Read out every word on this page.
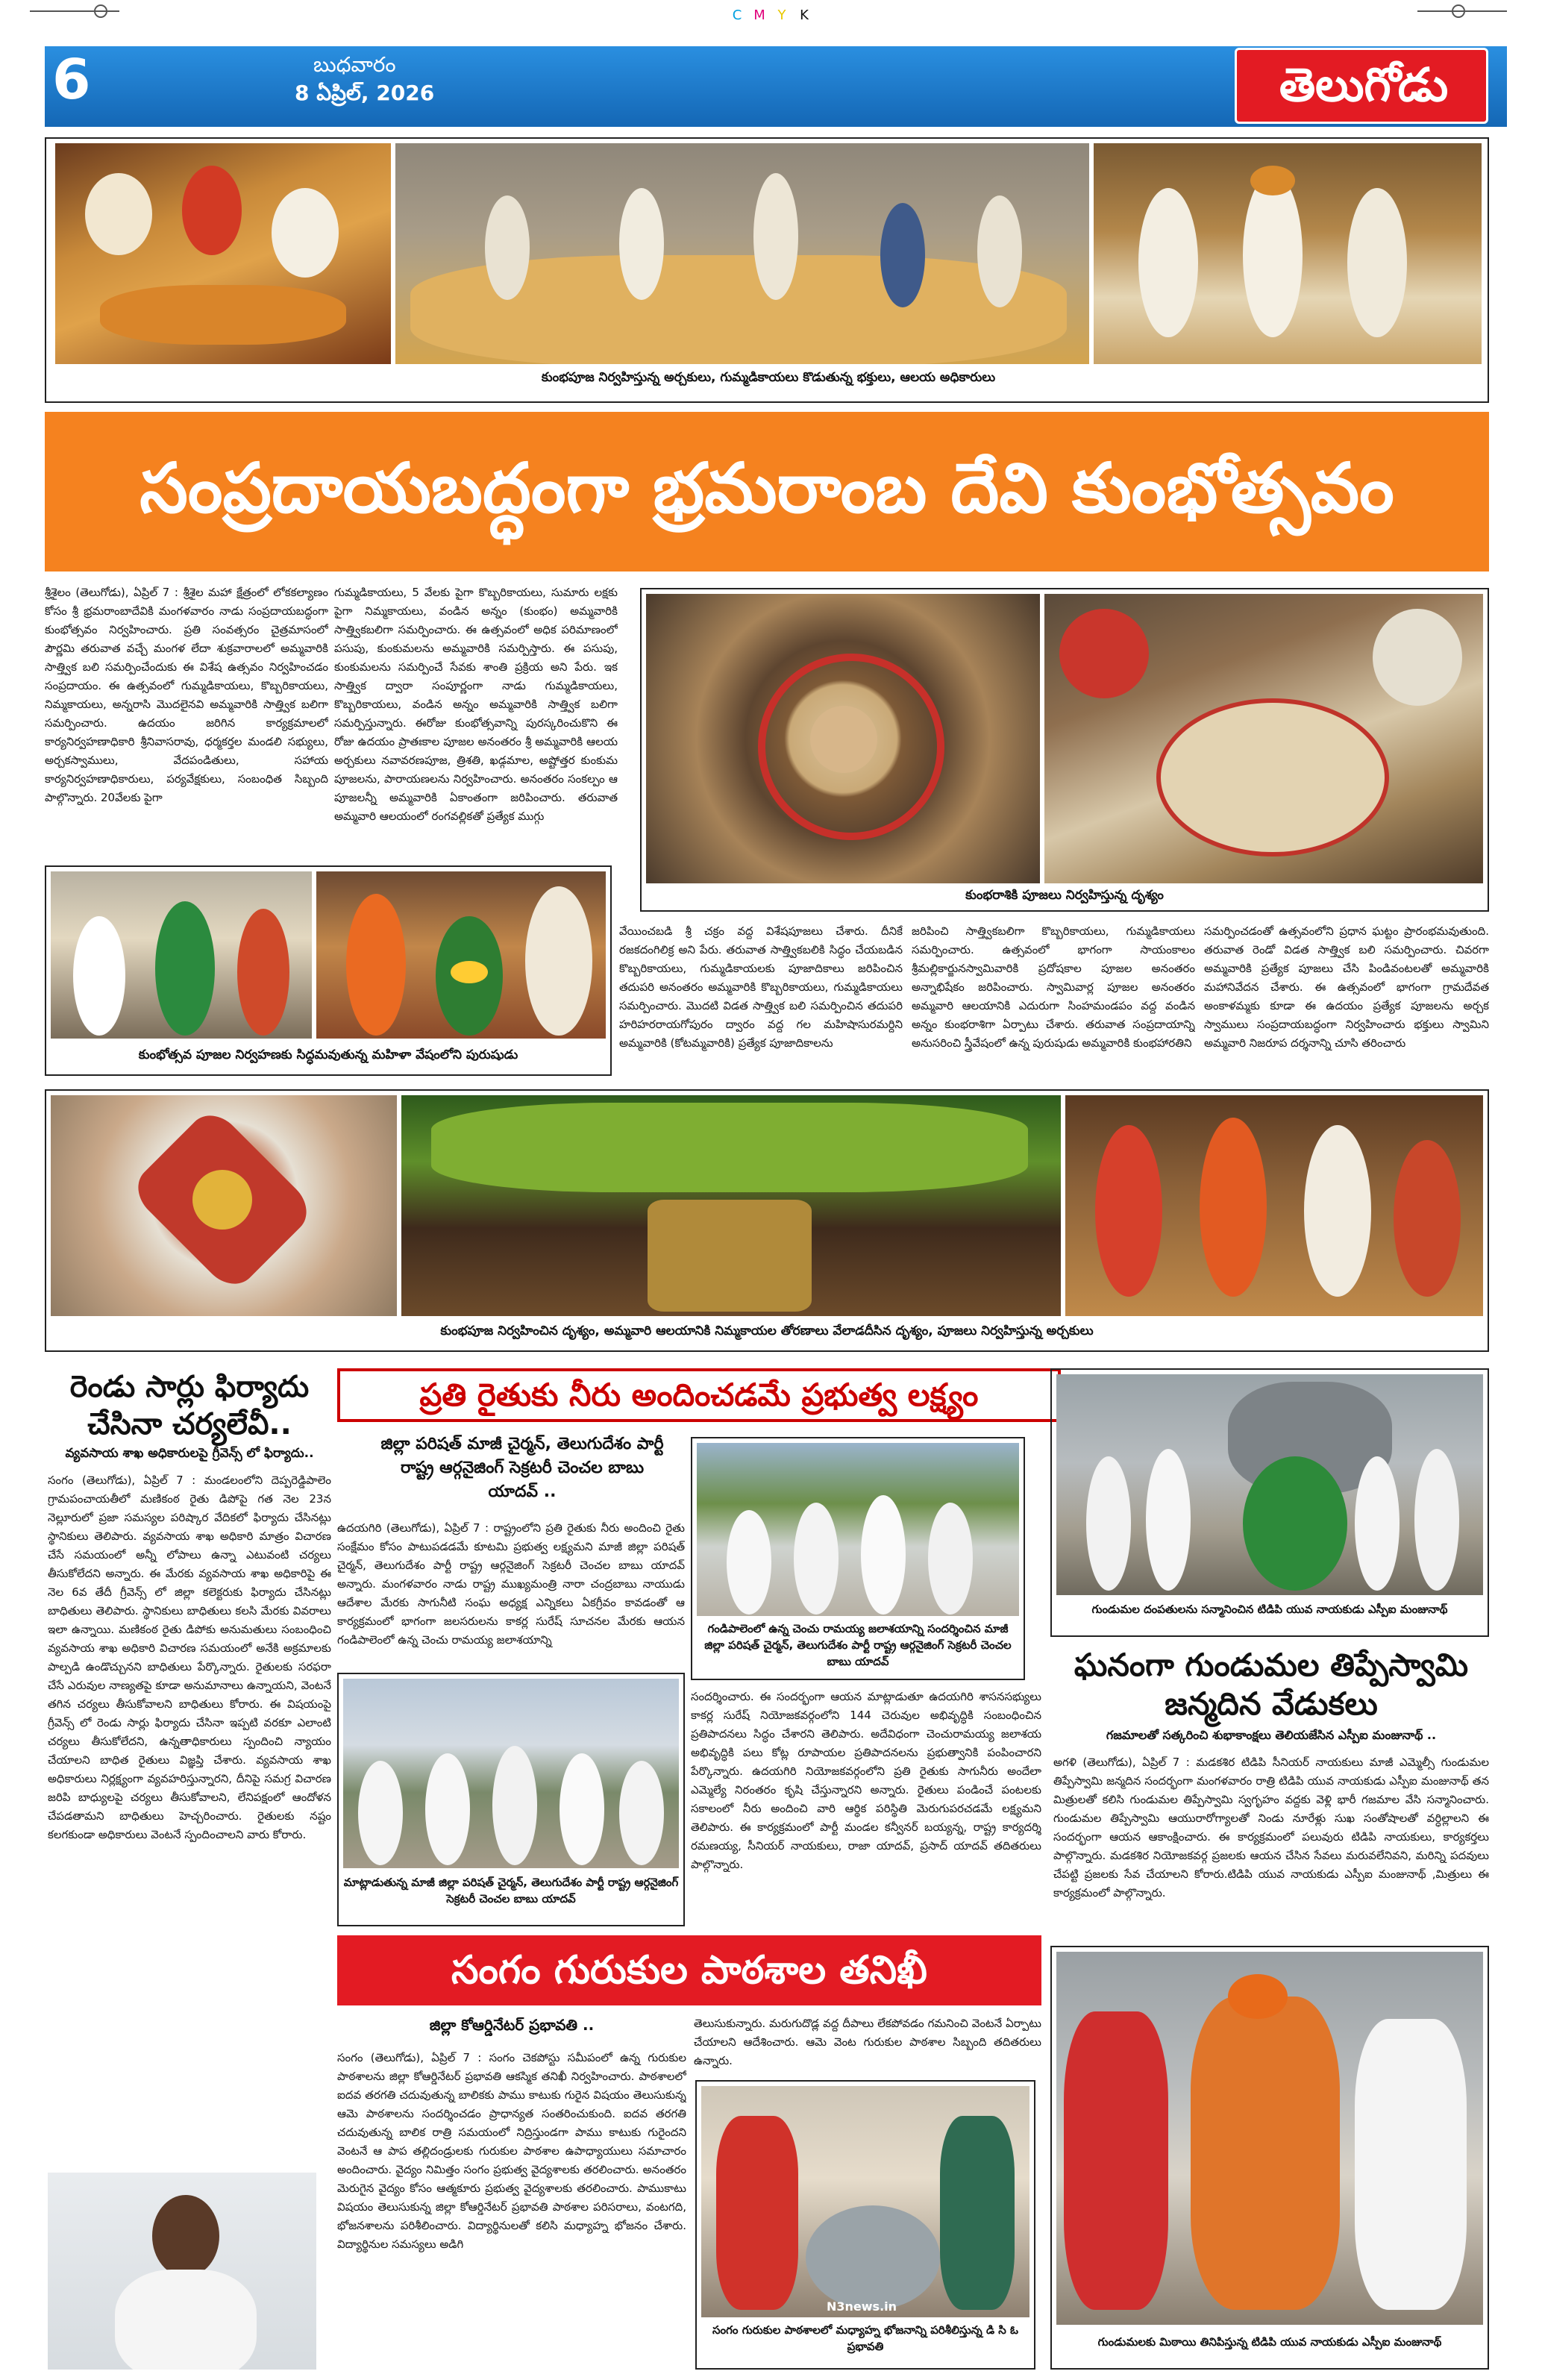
C M Y K
6	బుధవారం
8 ఏప్రిల్, 2026	తెలుగోడు
కుంభపూజ నిర్వహిస్తున్న అర్చకులు, గుమ్మడికాయలు కొడుతున్న భక్తులు, ఆలయ అధికారులు
సంప్రదాయబద్ధంగా భ్రమరాంబ దేవి కుంభోత్సవం
శ్రీశైలం (తెలుగోడు), ఏప్రిల్ 7 : శ్రీశైల మహా క్షేత్రంలో లోకకల్యాణం కోసం శ్రీ భ్రమరాంబాదేవికి మంగళవారం నాడు సంప్రదాయబద్ధంగా కుంభోత్సవం నిర్వహించారు. ప్రతి సంవత్సరం చైత్రమాసంలో పౌర్ణమి తరువాత వచ్చే మంగళ లేదా శుక్రవారాలలో అమ్మవారికి సాత్త్విక బలి సమర్పించేందుకు ఈ విశేష ఉత్సవం నిర్వహించడం సంప్రదాయం. ఈ ఉత్సవంలో గుమ్మడికాయలు, కొబ్బరికాయలు, నిమ్మకాయలు, అన్నరాసి మొదలైనవి అమ్మవారికి సాత్త్విక బలిగా సమర్పించారు. ఉదయం జరిగిన కార్యక్రమాలలో కార్యనిర్వహణాధికారి శ్రీనివాసరావు, ధర్మకర్తల మండలి సభ్యులు, అర్చకస్వాములు, వేదపండితులు, సహాయ కార్యనిర్వహణాధికారులు, పర్యవేక్షకులు, సంబంధిత సిబ్బంది పాల్గొన్నారు. 20వేలకు పైగా
గుమ్మడికాయలు, 5 వేలకు పైగా కొబ్బరికాయలు, సుమారు లక్షకు పైగా నిమ్మకాయలు, వండిన అన్నం (కుంభం) అమ్మవారికి సాత్త్వికబలిగా సమర్పించారు. ఈ ఉత్సవంలో అధిక పరిమాణంలో పసుపు, కుంకుమలను అమ్మవారికి సమర్పిస్తారు. ఈ పసుపు, కుంకుమలను సమర్పించే సేవకు శాంతి ప్రక్రియ అని పేరు. ఇక సాత్త్విక ద్వారా సంపూర్ణంగా నాడు గుమ్మడికాయలు, కొబ్బరికాయలు, వండిన అన్నం అమ్మవారికి సాత్త్విక బలిగా సమర్పిస్తున్నారు. ఈరోజు కుంభోత్సవాన్ని పురస్కరించుకొని ఈ రోజు ఉదయం ప్రాతఃకాల పూజల అనంతరం శ్రీ అమ్మవారికి ఆలయ అర్చకులు నవావరణపూజ, త్రిశతి, ఖడ్గమాల, అష్టోత్తర కుంకుమ పూజలను, పారాయణలను నిర్వహించారు. అనంతరం సంకల్పం ఆ పూజలన్నీ అమ్మవారికి ఏకాంతంగా జరిపించారు. తరువాత అమ్మవారి ఆలయంలో రంగవల్లికతో ప్రత్యేక ముగ్గు
కుంభరాశికి పూజలు నిర్వహిస్తున్న దృశ్యం
కుంభోత్సవ పూజల నిర్వహణకు సిద్ధమవుతున్న మహిళా వేషంలోని పురుషుడు
వేయించబడి శ్రీ చక్రం వద్ద విశేషపూజలు చేశారు. దీనికే రజకదంగిలిక్ర అని పేరు. తరువాత సాత్త్వికబలికి సిద్ధం చేయబడిన కొబ్బరికాయలు, గుమ్మడికాయలకు పూజాదికాలు జరిపించిన తదుపరి అనంతరం అమ్మవారికి కొబ్బరికాయలు, గుమ్మడికాయలు సమర్పించారు. మొదటి విడత సాత్త్విక బలి సమర్పించిన తదుపరి హరిహరరాయగోపురం ద్వారం వద్ద గల మహిషాసురమర్దిని అమ్మవారికి (కోటమ్మవారికి) ప్రత్యేక పూజాదికాలను
జరిపించి సాత్త్వికబలిగా కొబ్బరికాయలు, గుమ్మడికాయలు సమర్పించారు. ఉత్సవంలో భాగంగా సాయంకాలం శ్రీమల్లికార్జునస్వామివారికి ప్రదోషకాల పూజల అనంతరం అన్నాభిషేకం జరిపించారు. స్వామివార్ల పూజల అనంతరం అమ్మవారి ఆలయానికి ఎదురుగా సింహమండపం వద్ద వండిన అన్నం కుంభరాశిగా ఏర్పాటు చేశారు. తరువాత సంప్రదాయాన్ని అనుసరించి స్త్రీవేషంలో ఉన్న పురుషుడు అమ్మవారికి కుంభహారతిని
సమర్పించడంతో ఉత్సవంలోని ప్రధాన ఘట్టం ప్రారంభమవుతుంది. తరువాత రెండో విడత సాత్త్విక బలి సమర్పించారు. చివరగా అమ్మవారికి ప్రత్యేక పూజలు చేసి పిండివంటలతో అమ్మవారికి మహానివేదన చేశారు. ఈ ఉత్సవంలో భాగంగా గ్రామదేవత అంకాళమ్మకు కూడా ఈ ఉదయం ప్రత్యేక పూజలను అర్చక స్వాములు సంప్రదాయబద్ధంగా నిర్వహించారు భక్తులు స్వామిని అమ్మవారి నిజరూప దర్శనాన్ని చూసి తరించారు
కుంభపూజ నిర్వహించిన దృశ్యం, అమ్మవారి ఆలయానికి నిమ్మకాయల తోరణాలు వేలాడదీసిన దృశ్యం, పూజలు నిర్వహిస్తున్న అర్చకులు
రెండు సార్లు ఫిర్యాదు చేసినా చర్యలేవీ..
వ్యవసాయ శాఖ అధికారులపై గ్రీవెన్స్ లో ఫిర్యాదు..
సంగం (తెలుగోడు), ఏప్రిల్ 7 : మండలంలోని దెప్పరెడ్డిపాలెం గ్రామపంచాయతీలో మణికంఠ రైతు డిపోపై గత నెల 23న నెల్లూరులో ప్రజా సమస్యల పరిష్కార వేదికలో ఫిర్యాదు చేసినట్లు స్థానికులు తెలిపారు. వ్యవసాయ శాఖ అధికారి మాత్రం విచారణ చేసే సమయంలో అన్నీ లోపాలు ఉన్నా ఎటువంటి చర్యలు తీసుకోలేదని అన్నారు. ఈ మేరకు వ్యవసాయ శాఖ అధికారిపై ఈ నెల 6వ తేదీ గ్రీవెన్స్ లో జిల్లా కలెక్టరుకు ఫిర్యాదు చేసినట్లు బాధితులు తెలిపారు. స్థానికులు బాధితులు కలసి మేరకు వివరాలు ఇలా ఉన్నాయి. మణికంఠ రైతు డిపోకు అనుమతులు సంబంధించి వ్యవసాయ శాఖ అధికారి విచారణ సమయంలో అనేకి అక్రమాలకు పాల్పడి ఉండొచ్చునని బాధితులు పేర్కొన్నారు. రైతులకు సరఫరా చేసే ఎరువుల నాణ్యతపై కూడా అనుమానాలు ఉన్నాయని, వెంటనే తగిన చర్యలు తీసుకోవాలని బాధితులు కోరారు. ఈ విషయంపై గ్రీవెన్స్ లో రెండు సార్లు ఫిర్యాదు చేసినా ఇప్పటి వరకూ ఎలాంటి చర్యలు తీసుకోలేదని, ఉన్నతాధికారులు స్పందించి న్యాయం చేయాలని బాధిత రైతులు విజ్ఞప్తి చేశారు. వ్యవసాయ శాఖ అధికారులు నిర్లక్ష్యంగా వ్యవహరిస్తున్నారని, దీనిపై సమగ్ర విచారణ జరిపి బాధ్యులపై చర్యలు తీసుకోవాలని, లేనిపక్షంలో ఆందోళన చేపడతామని బాధితులు హెచ్చరించారు. రైతులకు నష్టం కలగకుండా అధికారులు వెంటనే స్పందించాలని వారు కోరారు.
ప్రతి రైతుకు నీరు అందించడమే ప్రభుత్వ లక్ష్యం
జిల్లా పరిషత్ మాజీ చైర్మన్, తెలుగుదేశం పార్టీ రాష్ట్ర ఆర్గనైజింగ్ సెక్రటరీ చెంచల బాబు యాదవ్ ..
ఉదయగిరి (తెలుగోడు), ఏప్రిల్ 7 : రాష్ట్రంలోని ప్రతి రైతుకు నీరు అందించి రైతు సంక్షేమం కోసం పాటుపడడమే కూటమి ప్రభుత్వ లక్ష్యమని మాజీ జిల్లా పరిషత్ చైర్మన్, తెలుగుదేశం పార్టీ రాష్ట్ర ఆర్గనైజింగ్ సెక్రటరీ చెంచల బాబు యాదవ్ అన్నారు. మంగళవారం నాడు రాష్ట్ర ముఖ్యమంత్రి నారా చంద్రబాబు నాయుడు ఆదేశాల మేరకు సాగునీటి సంఘ అధ్యక్ష ఎన్నికలు ఏకగ్రీవం కావడంతో ఆ కార్యక్రమంలో భాగంగా జలసరులను కాకర్ల సురేష్ సూచనల మేరకు ఆయన గండిపాలెంలో ఉన్న చెంచు రామయ్య జలాశయాన్ని
గండిపాలెంలో ఉన్న చెంచు రామయ్య జలాశయాన్ని సందర్శించిన మాజీ జిల్లా పరిషత్ చైర్మన్, తెలుగుదేశం పార్టీ రాష్ట్ర ఆర్గనైజింగ్ సెక్రటరీ చెంచల బాబు యాదవ్
మాట్లాడుతున్న మాజీ జిల్లా పరిషత్ చైర్మన్, తెలుగుదేశం పార్టీ రాష్ట్ర ఆర్గనైజింగ్ సెక్రటరీ చెంచల బాబు యాదవ్
సందర్శించారు. ఈ సందర్భంగా ఆయన మాట్లాడుతూ ఉదయగిరి శాసనసభ్యులు కాకర్ల సురేష్ నియోజకవర్గంలోని 144 చెరువుల అభివృద్ధికి సంబంధించిన ప్రతిపాదనలు సిద్ధం చేశారని తెలిపారు. అదేవిధంగా చెంచురామయ్య జలాశయ అభివృద్ధికి పలు కోట్ల రూపాయల ప్రతిపాదనలను ప్రభుత్వానికి పంపించారని పేర్కొన్నారు. ఉదయగిరి నియోజకవర్గంలోని ప్రతి రైతుకు సాగునీరు అందేలా ఎమ్మెల్యే నిరంతరం కృషి చేస్తున్నారని అన్నారు. రైతులు పండించే పంటలకు సకాలంలో నీరు అందించి వారి ఆర్థిక పరిస్థితి మెరుగుపరచడమే లక్ష్యమని తెలిపారు. ఈ కార్యక్రమంలో పార్టీ మండల కన్వీనర్ బయ్యన్న, రాష్ట్ర కార్యదర్శి రమణయ్య, సీనియర్ నాయకులు, రాజా యాదవ్, ప్రసాద్ యాదవ్ తదితరులు పాల్గొన్నారు.
సంగం గురుకుల పాఠశాల తనిఖీ
జిల్లా కోఆర్డినేటర్ ప్రభావతి ..
సంగం (తెలుగోడు), ఏప్రిల్ 7 : సంగం చెకపోస్టు సమీపంలో ఉన్న గురుకుల పాఠశాలను జిల్లా కోఆర్డినేటర్ ప్రభావతి ఆకస్మిక తనిఖీ నిర్వహించారు. పాఠశాలలో ఐదవ తరగతి చదువుతున్న బాలికకు పాము కాటుకు గురైన విషయం తెలుసుకున్న ఆమె పాఠశాలను సందర్శించడం ప్రాధాన్యత సంతరించుకుంది. ఐదవ తరగతి చదువుతున్న బాలిక రాత్రి సమయంలో నిద్రిస్తుండగా పాము కాటుకు గురైందని వెంటనే ఆ పాప తల్లిదండ్రులకు గురుకుల పాఠశాల ఉపాధ్యాయులు సమాచారం అందించారు. వైద్యం నిమిత్తం సంగం ప్రభుత్వ వైద్యశాలకు తరలించారు. అనంతరం మెరుగైన వైద్యం కోసం ఆత్మకూరు ప్రభుత్వ వైద్యశాలకు తరలించారు. పాముకాటు విషయం తెలుసుకున్న జిల్లా కోఆర్డినేటర్ ప్రభావతి పాఠశాల పరిసరాలు, వంటగది, భోజనశాలను పరిశీలించారు. విద్యార్థినులతో కలిసి మధ్యాహ్న భోజనం చేశారు. విద్యార్థినుల సమస్యలు అడిగి
తెలుసుకున్నారు. మరుగుదొడ్ల వద్ద దీపాలు లేకపోవడం గమనించి వెంటనే ఏర్పాటు చేయాలని ఆదేశించారు. ఆమె వెంట గురుకుల పాఠశాల సిబ్బంది తదితరులు ఉన్నారు.
N3news.in
సంగం గురుకుల పాఠశాలలో మధ్యాహ్న భోజనాన్ని పరిశీలిస్తున్న డి సి ఓ ప్రభావతి
గుండుమల దంపతులను సన్మానించిన టిడిపి యువ నాయకుడు ఎస్పీఐ మంజునాథ్
ఘనంగా గుండుమల తిప్పేస్వామి జన్మదిన వేడుకలు
గజమాలతో సత్కరించి శుభాకాంక్షలు తెలియజేసిన ఎస్పీఐ మంజునాథ్ ..
అగళి (తెలుగోడు), ఏప్రిల్ 7 : మడకశిర టిడిపి సీనియర్ నాయకులు మాజీ ఎమ్మెల్సీ గుండుమల తిప్పేస్వామి జన్మదిన సందర్భంగా మంగళవారం రాత్రి టిడిపి యువ నాయకుడు ఎస్పీఐ మంజునాథ్ తన మిత్రులతో కలిసి గుండుమల తిప్పేస్వామి స్వగృహం వద్దకు వెళ్లి భారీ గజమాల వేసి సన్మానించారు. గుండుమల తిప్పేస్వామి ఆయురారోగ్యాలతో నిండు నూరేళ్లు సుఖ సంతోషాలతో వర్ధిల్లాలని ఈ సందర్భంగా ఆయన ఆకాంక్షించారు. ఈ కార్యక్రమంలో పలువురు టిడిపి నాయకులు, కార్యకర్తలు పాల్గొన్నారు. మడకశిర నియోజకవర్గ ప్రజలకు ఆయన చేసిన సేవలు మరువలేనివని, మరిన్ని పదవులు చేపట్టి ప్రజలకు సేవ చేయాలని కోరారు.టిడిపి యువ నాయకుడు ఎస్పీఐ మంజునాథ్ ,మిత్రులు ఈ కార్యక్రమంలో పాల్గొన్నారు.
గుండుమలకు మిఠాయి తినిపిస్తున్న టిడిపి యువ నాయకుడు ఎస్పీఐ మంజునాథ్
